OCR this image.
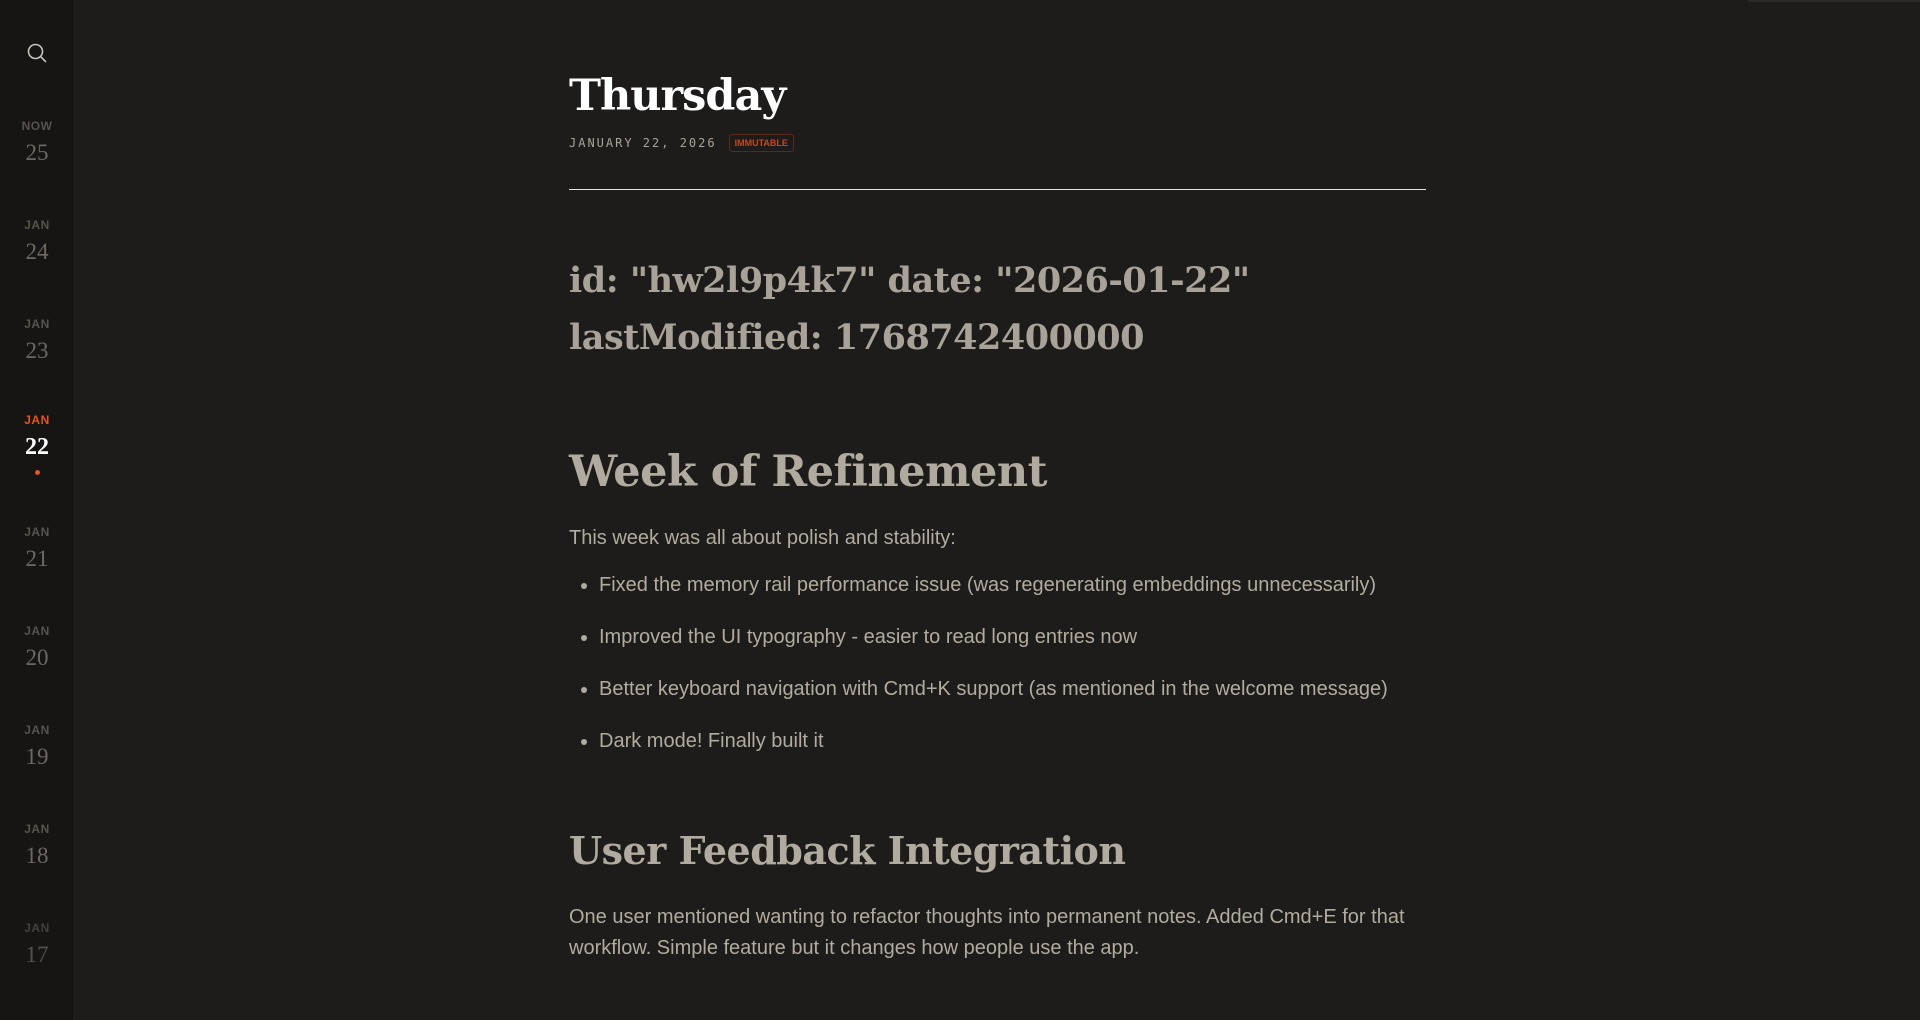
NOW
25
JAN
24
JAN
23
JAN
22
JAN
21
JAN
20
JAN
19
JAN
18
JAN
17
Thursday
JANUARY 22, 2026	IMMUTABLE
id: "hw2l9p4k7" date: "2026-01-22" lastModified: 1768742400000
Week of Refinement

This week was all about polish and stability:

• Fixed the memory rail performance issue (was regenerating embeddings unnecessarily)
• Improved the UI typography - easier to read long entries now
• Better keyboard navigation with Cmd+K support (as mentioned in the welcome message)
• Dark mode! Finally built it
User Feedback Integration

One user mentioned wanting to refactor thoughts into permanent notes. Added Cmd+E for that workflow. Simple feature but it changes how people use the app.
